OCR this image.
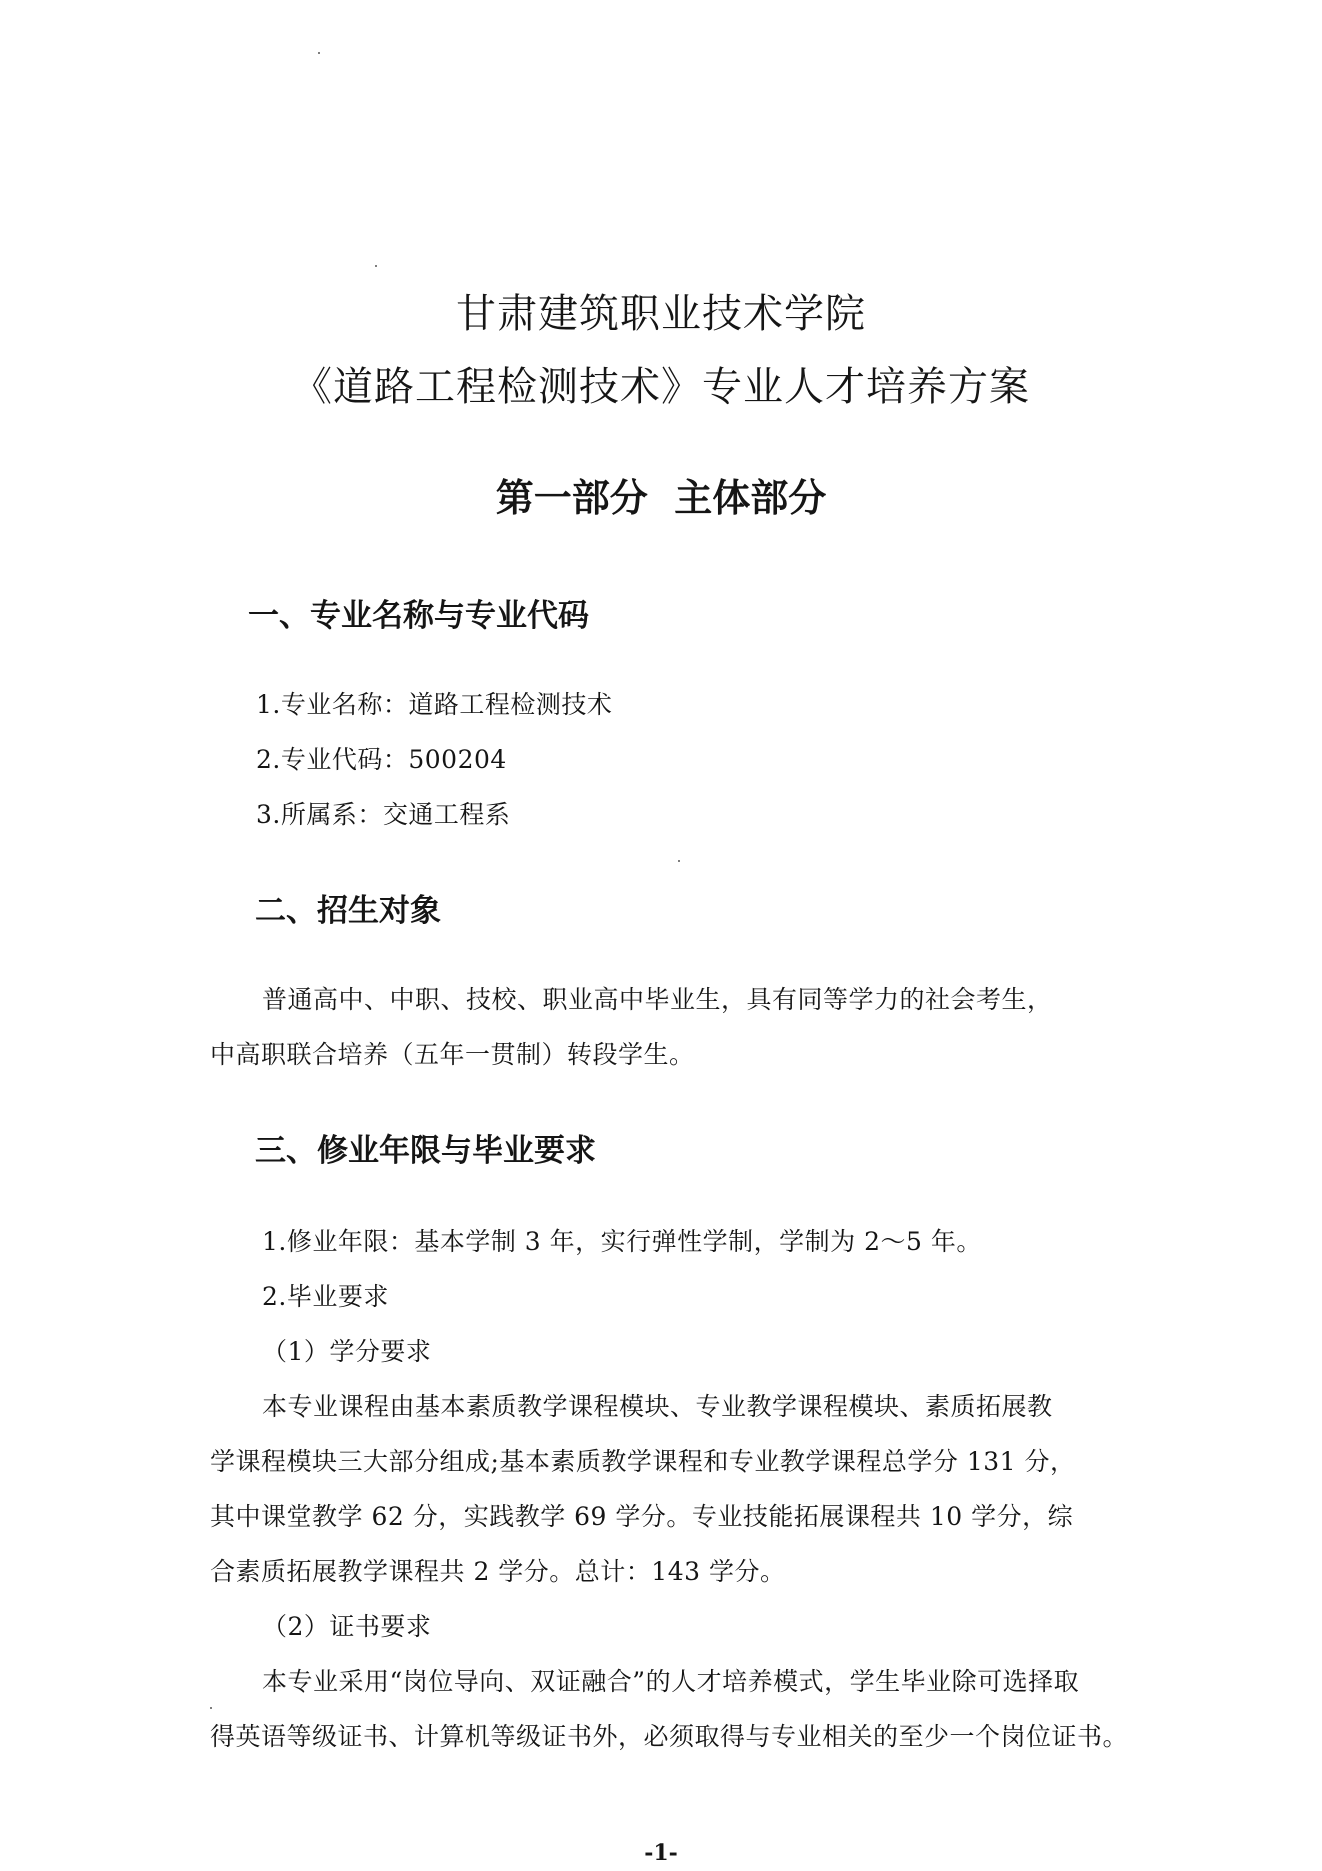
甘肃建筑职业技术学院
《道路工程检测技术》专业人才培养方案
第一部分  主体部分
一、专业名称与专业代码
1.专业名称：道路工程检测技术
2.专业代码：500204
3.所属系：交通工程系
二、招生对象
普通高中、中职、技校、职业高中毕业生，具有同等学力的社会考生，
中高职联合培养（五年一贯制）转段学生。
三、修业年限与毕业要求
1.修业年限：基本学制 3 年，实行弹性学制，学制为 2～5 年。
2.毕业要求
（1）学分要求
本专业课程由基本素质教学课程模块、专业教学课程模块、素质拓展教
学课程模块三大部分组成;基本素质教学课程和专业教学课程总学分 131 分，
其中课堂教学 62 分，实践教学 69 学分。专业技能拓展课程共 10 学分，综
合素质拓展教学课程共 2 学分。总计：143 学分。
（2）证书要求
本专业采用“岗位导向、双证融合”的人才培养模式，学生毕业除可选择取
得英语等级证书、计算机等级证书外，必须取得与专业相关的至少一个岗位证书。
-1-
